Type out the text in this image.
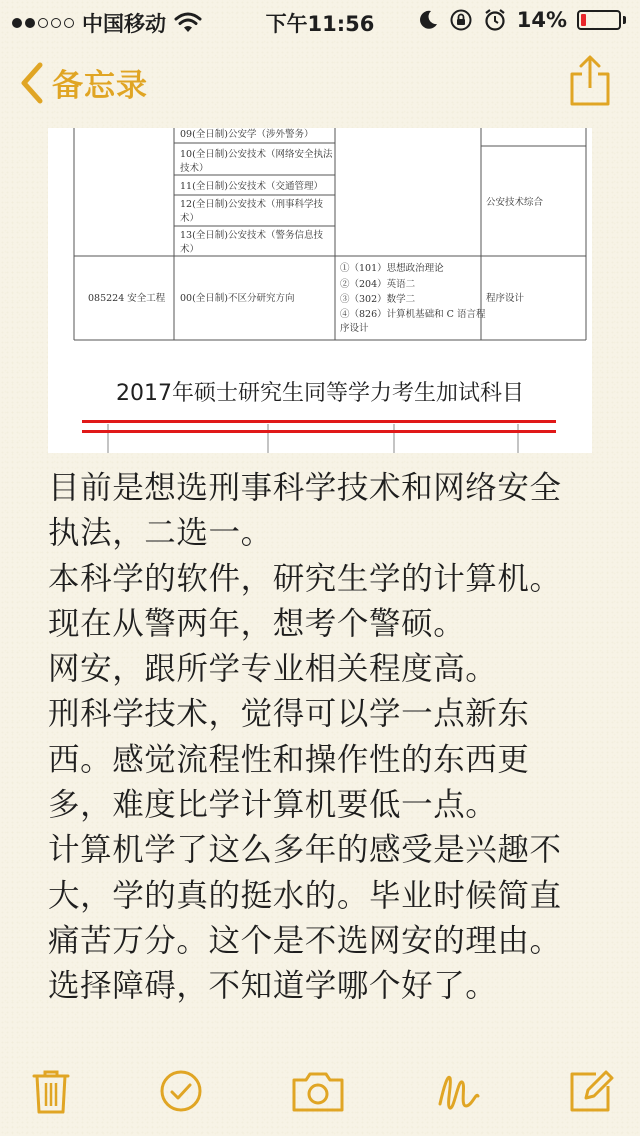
中国移动	下午11:56	14%
备忘录
09(全日制)公安学（涉外警务）
10(全日制)公安技术（网络安全执法
技术）
11(全日制)公安技术（交通管理）
12(全日制)公安技术（刑事科学技
术）
13(全日制)公安技术（警务信息技
术）
公安技术综合
085224 安全工程 00(全日制)不区分研究方向
①（101）思想政治理论
②（204）英语二
③（302）数学二
④（826）计算机基础和 C 语言程
序设计
程序设计
2017年硕士研究生同等学力考生加试科目
目前是想选刑事科学技术和网络安全
执法，二选一。
本科学的软件，研究生学的计算机。
现在从警两年，想考个警硕。
网安，跟所学专业相关程度高。
刑科学技术，觉得可以学一点新东
西。感觉流程性和操作性的东西更
多，难度比学计算机要低一点。
计算机学了这么多年的感受是兴趣不
大，学的真的挺水的。毕业时候简直
痛苦万分。这个是不选网安的理由。
选择障碍，不知道学哪个好了。
